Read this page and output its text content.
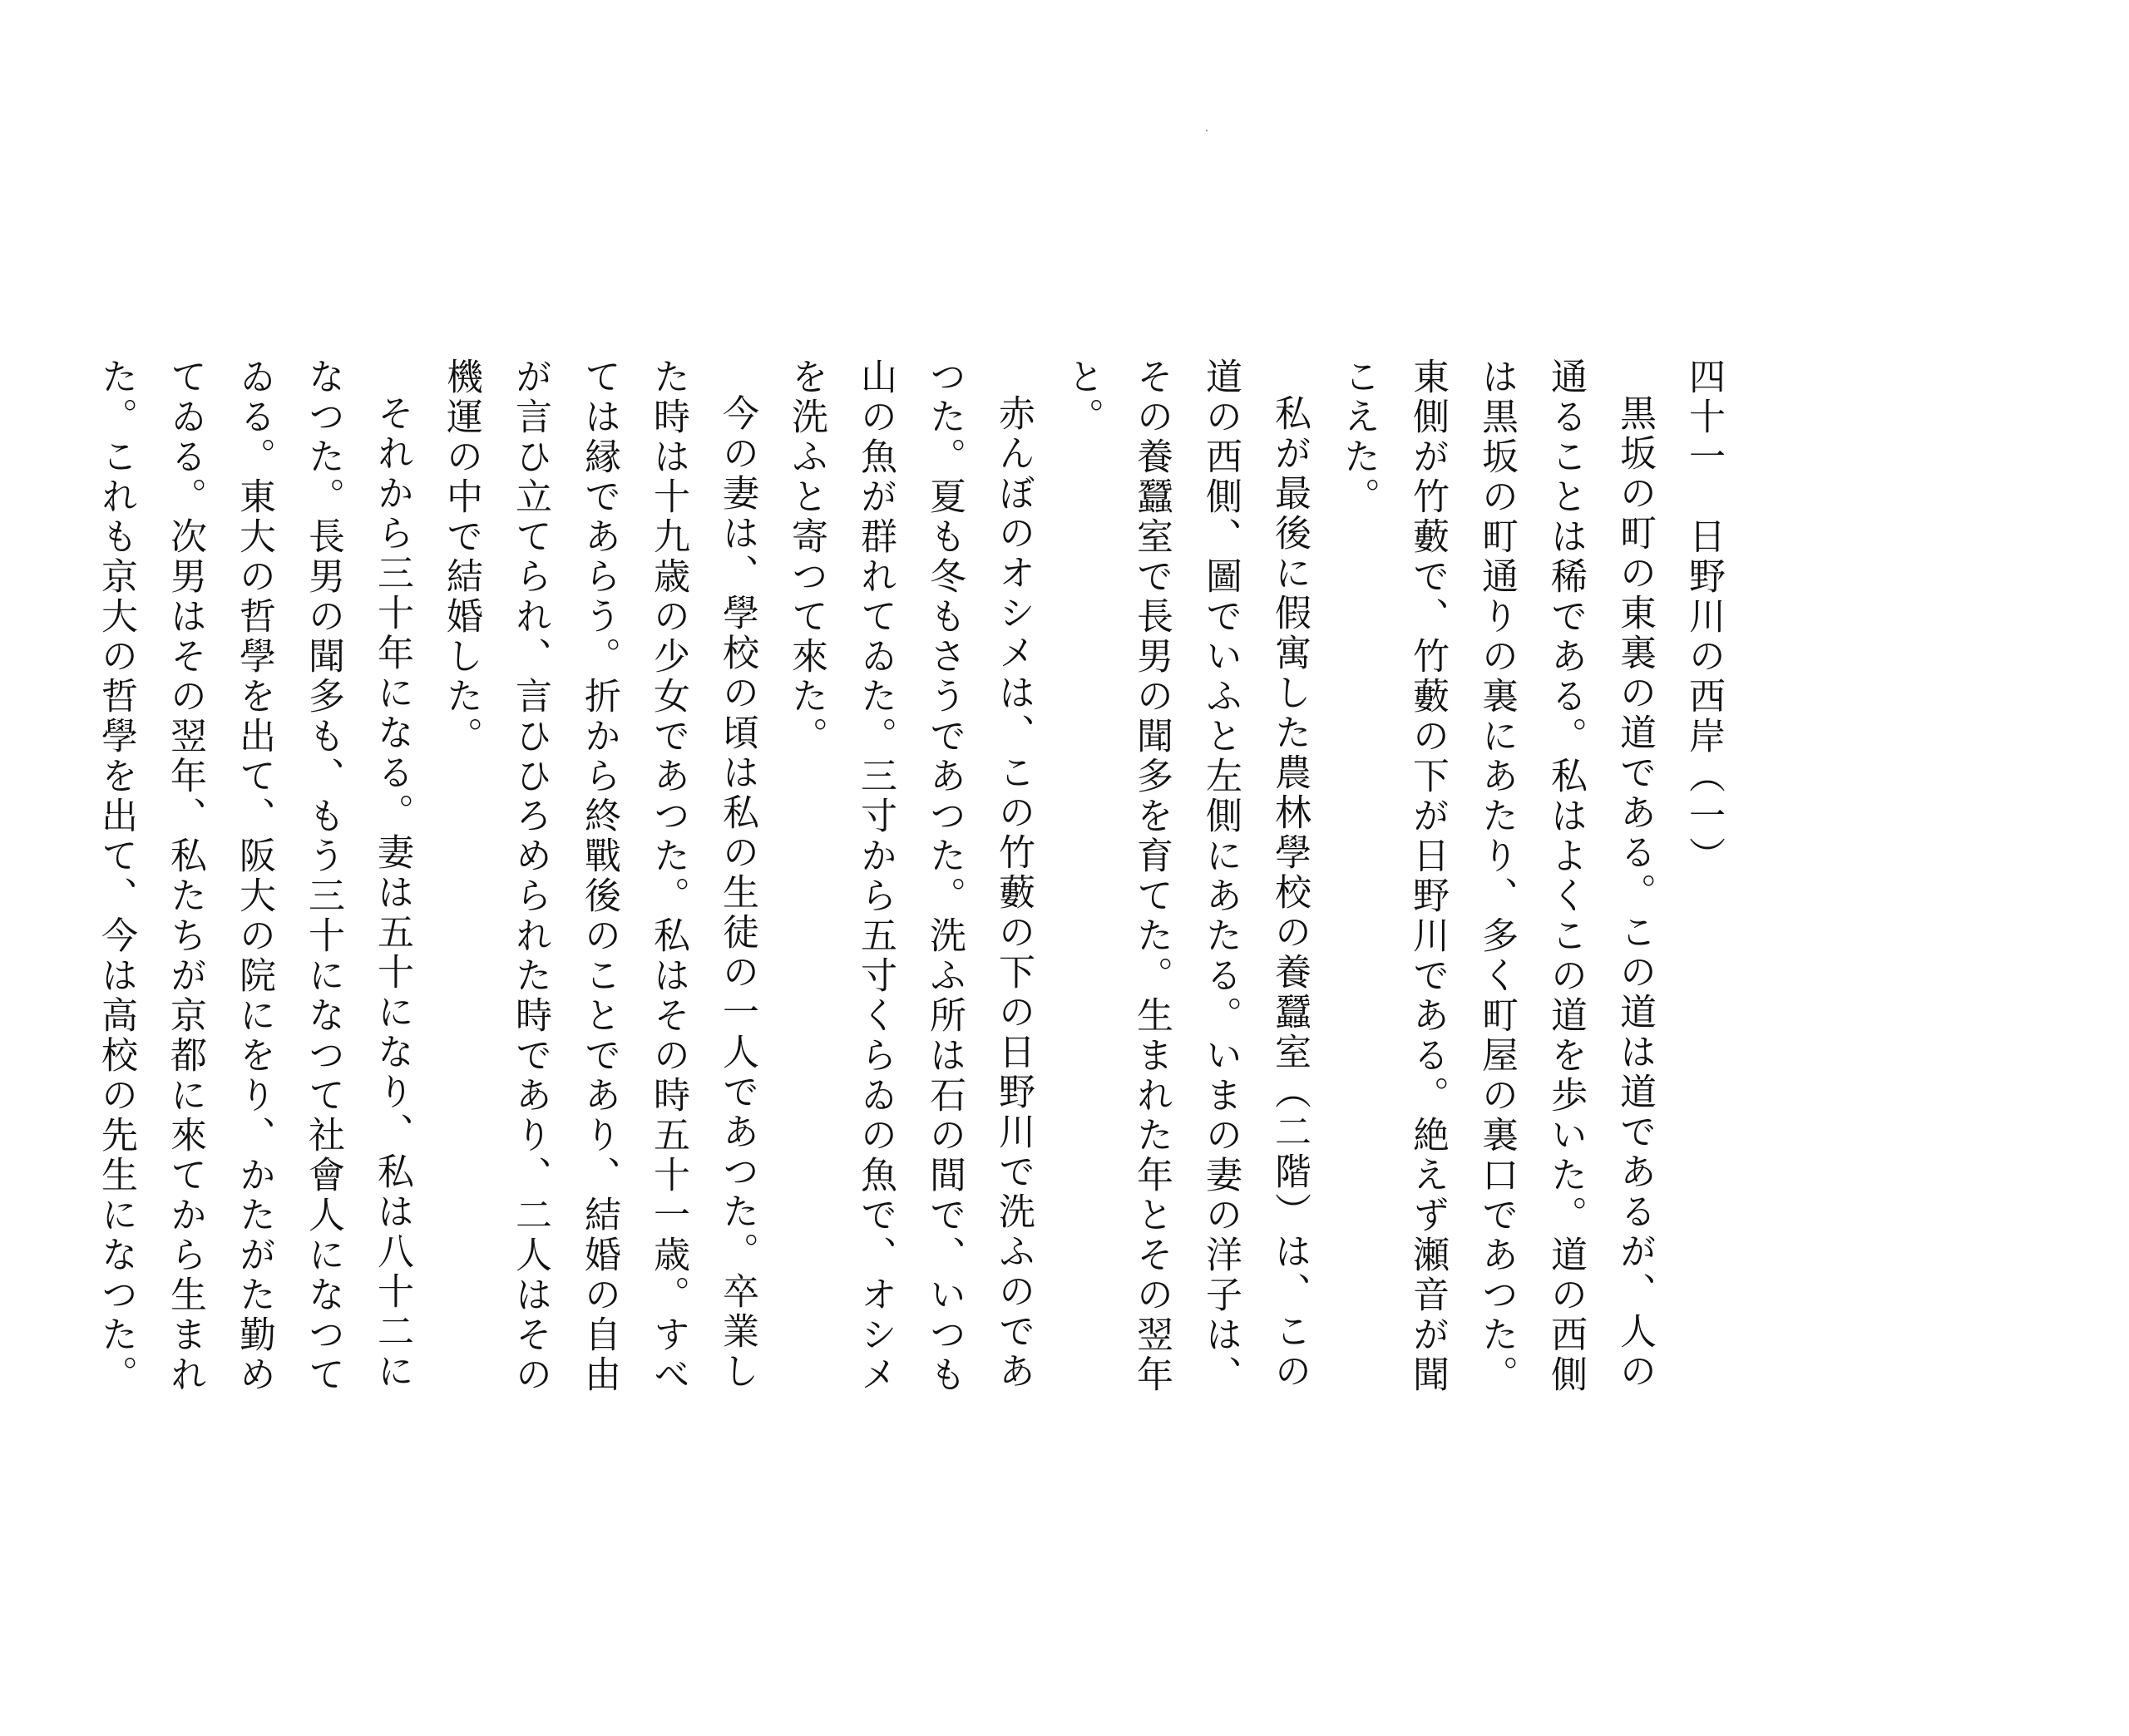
四十一　日野川の西岸（一）

黒坂の町の東裏の道である。この道は道であるが、人の通ることは稀である。私はよくこの道を歩いた。道の西側は黒坂の町通りの裏にあたり、多く町屋の裏口であつた。東側が竹藪で、竹藪の下が日野川である。絶えず瀬音が聞こえた。

私が最後に假寓した農林學校の養蠶室（二階）は、この道の西側、圖でいふと左側にあたる。いまの妻の洋子は、その養蠶室で長男の聞多を育てた。生まれた年とその翌年と。

赤んぼのオシメは、この竹藪の下の日野川で洗ふのであつた。夏も冬もさうであつた。洗ふ所は石の間で、いつも山の魚が群れてゐた。三寸から五寸くらゐの魚で、オシメを洗ふと寄つて來た。

今の妻は、學校の頃は私の生徒の一人であつた。卒業した時は十九歳の少女であつた。私はその時五十一歳。すべては縁であらう。折から終戰後のことであり、結婚の自由が言ひ立てられ、言ひひろめられた時であり、二人はその機運の中で結婚した。

それから三十年になる。妻は五十になり、私は八十二になつた。長男の聞多も、もう三十になつて社會人になつてゐる。東大の哲學を出て、阪大の院にをり、かたがた勤めてゐる。次男はその翌年、私たちが京都に來てから生まれた。これも京大の哲學を出て、今は高校の先生になつた。
